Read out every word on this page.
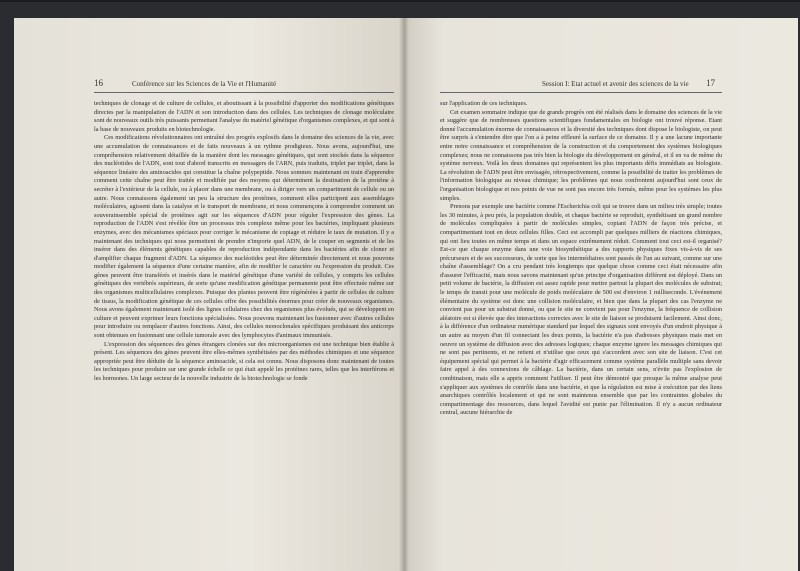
16	Conférence sur les Sciences de la Vie et l'Humanité

techniques de clonage et de culture de cellules, et aboutissant à la possibilité d'apporter des modifications génétiques directes par la manipulation de l'ADN et son introduction dans des cellules. Les techniques de clonage moléculaire sont de nouveaux outils très puissants permettant l'analyse du matériel génétique d'organismes complexes, et qui sont à la base de nouveaux produits en biotechnologie.

Ces modifications révolutionnaires ont entraîné des progrès explosifs dans le domaine des sciences de la vie, avec une accumulation de connaissances et de faits nouveaux à un rythme prodigieux. Nous avons, aujourd'hui, une compréhension relativement détaillée de la manière dont les messages génétiques, qui sont stockés dans la séquence des nucléotides de l'ADN, sont tout d'abord transcrits en messagers de l'ARN, puis traduits, triplet par triplet, dans la séquence linéaire des aminoacides qui constitue la chaîne polypeptide. Nous sommes maintenant en train d'apprendre comment cette chaîne peut être traitée et modifiée par des moyens qui déterminent la destination de la protéine à secréter à l'extérieur de la cellule, ou à placer dans une membrane, ou à diriger vers un compartiment de cellule ou un autre. Nous connaissons également un peu la structure des protéines, comment elles participent aux assemblages moléculaires, agissent dans la catalyse et le transport de membrane, et nous commençons à comprendre comment un souverainsemble spécial de protéines agit sur les séquences d'ADN pour réguler l'expression des gènes. La reproduction de l'ADN s'est révélée être un processus très complexe même pour les bactéries, impliquant plusieurs enzymes, avec des mécanismes spéciaux pour corriger le mécanisme de copiage et réduire le taux de mutation. Il y a maintenant des techniques qui nous permettent de prendre n'importe quel ADN, de le couper en segments et de les insérer dans des éléments génétiques capables de reproduction indépendante dans les bactéries afin de cloner et d'amplifier chaque fragment d'ADN. La séquence des nucléotides peut être déterminée directement et nous pouvons modifier également la séquence d'une certaine manière, afin de modifier le caractère ou l'expression du produit. Ces gènes peuvent être transférés et insérés dans le matériel génétique d'une variété de cellules, y compris les cellules génétiques des vertébrés supérieurs, de sorte qu'une modification génétique permanente peut être effectuée même sur des organismes multicellulaires complexes. Puisque des plantes peuvent être régénérées à partir de cellules de culture de tissus, la modification génétique de ces cellules offre des possibilités énormes pour créer de nouveaux organismes. Nous avons également maintenant isolé des lignes cellulaires chez des organismes plus évolués, qui se développent en culture et peuvent exprimer leurs fonctions spécialisées. Nous pouvons maintenant les fusionner avec d'autres cellules pour introduire ou remplacer d'autres fonctions. Ainsi, des cellules monoclonales spécifiques produisant des anticorps sont obtenues en fusionnant une cellule tumorale avec des lymphocytes d'animaux immunisés.

L'expression des séquences des gènes étrangers clonées sur des microorganismes est une technique bien établie à présent. Les séquences des gènes peuvent être elles-mêmes synthétisées par des méthodes chimiques et une séquence appropriée peut être déduite de la séquence aminoacide, si cela est connu. Nous disposons donc maintenant de toutes les techniques pour produire sur une grande échelle ce qui était appelé les protéines rares, telles que les interférons et les hormones. Un large secteur de la nouvelle industrie de la biotechnologie se fonde

Session I: Etat actuel et avenir des sciences de la vie 17

sur l'application de ces techniques.

Cet examen sommaire indique que de grands progrès ont été réalisés dans le domaine des sciences de la vie et suggère que de nombreuses questions scientifiques fondamentales en biologie ont trouvé réponse. Etant donné l'accumulation énorme de connaissances et la diversité des techniques dont dispose le biologiste, on peut être surpris à s'entendre dire que l'on a à peine effleuré la surface de ce domaine. Il y a une lacune importante entre notre connaissance et compréhension de la construction et du comportement des systèmes biologiques complexes; nous ne connaissons pas très bien la biologie du développement en général, et il en va de même du système nerveux. Voilà les deux domaines qui représentent les plus importants défis immédiats au biologiste. La révolution de l'ADN peut être envisagée, rétrospectivement, comme la possibilité de traiter les problèmes de l'information biologique au niveau chimique; les problèmes qui nous confrontent aujourd'hui sont ceux de l'organisation biologique et nos points de vue ne sont pas encore très formés, même pour les systèmes les plus simples.

Prenons par exemple une bactérie comme l'Escherichia coli qui se trouve dans un milieu très simple; toutes les 30 minutes, à peu près, la population double, et chaque bactérie se reproduit, synthétisant un grand nombre de molécules compliquées à partir de molécules simples, copiant l'ADN de façon très précise, et compartimentant tout en deux cellules filles. Ceci est accompli par quelques milliers de réactions chimiques, qui ont lieu toutes en même temps et dans un espace extrêmement réduit. Comment tout ceci est-il organisé? Est-ce que chaque enzyme dans une voie biosynthétique a des rapports physiques fixes vis-à-vis de ses précurseurs et de ses successeurs, de sorte que les intermédiaires sont passés de l'un au suivant, comme sur une chaîne d'assemblage? On a cru pendant très longtemps que quelque chose comme ceci était nécessaire afin d'assurer l'efficacité, mais nous savons maintenant qu'un principe d'organisation différent est déployé. Dans un petit volume de bactérie, la diffusion est assez rapide pour mettre partout la plupart des molécules de substrat; le temps de transit pour une molécule de poids moléculaire de 500 est d'environ 1 milliseconde. L'événement élémentaire du système est donc une collision moléculaire, et bien que dans la plupart des cas l'enzyme ne convient pas pour un substrat donné, ou que le site ne convient pas pour l'enzyme, la fréquence de collision aléatoire est si élevée que des interactions correctes avec le site de liaison se produisent facilement. Ainsi donc, à la différence d'un ordinateur numérique standard par lequel des signaux sont envoyés d'un endroit physique à un autre au moyen d'un fil connectant les deux points, la bactérie n'a pas d'adresses physiques mais met en oeuvre un système de diffusion avec des adresses logiques; chaque enzyme ignore les messages chimiques qui ne sont pas pertinents, et ne retient et n'utilise que ceux qui s'accordent avec son site de liaison. C'est cet équipement spécial qui permet à la bactérie d'agir efficacement comme système parallèle multiple sans devoir faire appel à des connexions de câblage. La bactérie, dans un certain sens, n'évite pas l'explosion de combinaison, mais elle a appris comment l'utiliser. Il peut être démontré que presque la même analyse peut s'appliquer aux systèmes de contrôle dans une bactérie, et que la régulation est mise à exécution par des liens anarchiques contrôlés localement et qui ne sont maintenus ensemble que par les contraintes globales du compartimentage des ressources, dans lequel l'avidité est punie par l'élimination. Il n'y a aucun ordinateur central, aucune hiérarchie de
